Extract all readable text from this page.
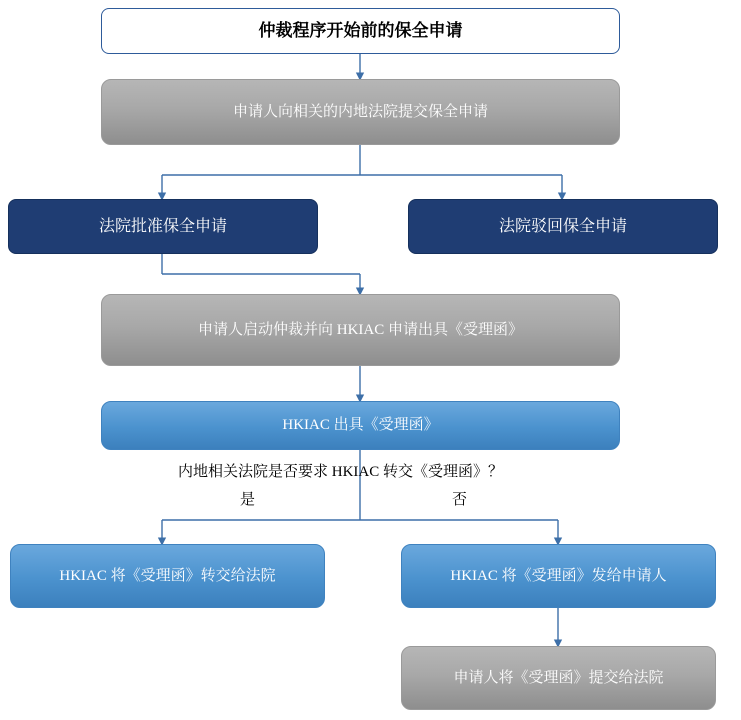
仲裁程序开始前的保全申请
申请人向相关的内地法院提交保全申请
法院批准保全申请	法院驳回保全申请
申请人启动仲裁并向 HKIAC 申请出具《受理函》
HKIAC 出具《受理函》
内地相关法院是否要求 HKIAC 转交《受理函》？
是	否
HKIAC 将《受理函》转交给法院	HKIAC 将《受理函》发给申请人
申请人将《受理函》提交给法院
